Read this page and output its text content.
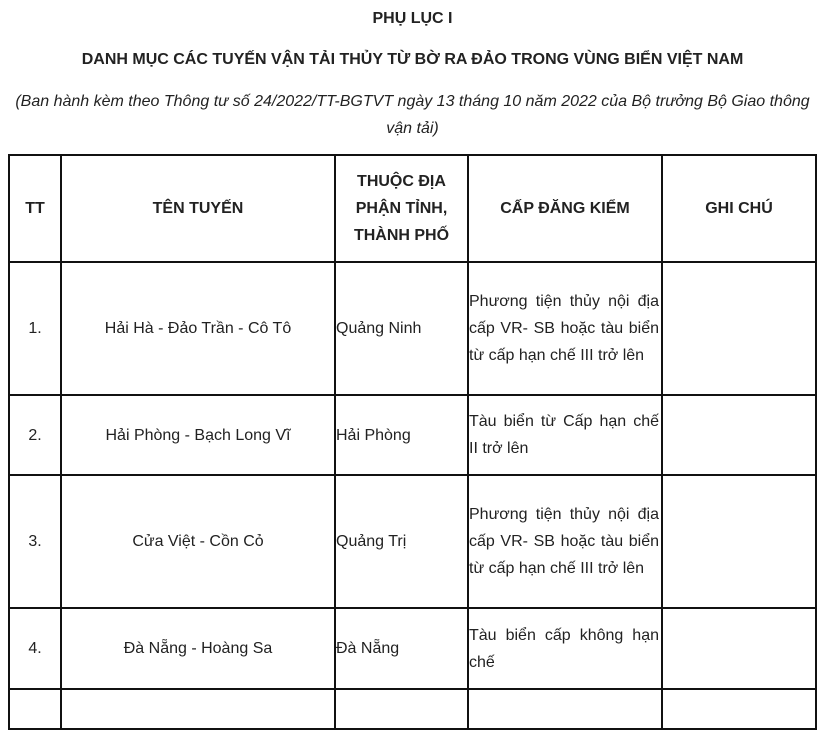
PHỤ LỤC I
DANH MỤC CÁC TUYẾN VẬN TẢI THỦY TỪ BỜ RA ĐẢO TRONG VÙNG BIỂN VIỆT NAM
(Ban hành kèm theo Thông tư số 24/2022/TT-BGTVT ngày 13 tháng 10 năm 2022 của Bộ trưởng Bộ Giao thông vận tải)
TT	TÊN TUYẾN	THUỘC ĐỊA PHẬN TỈNH, THÀNH PHỐ	CẤP ĐĂNG KIỂM	GHI CHÚ
1.	Hải Hà - Đảo Trần - Cô Tô	Quảng Ninh	Phương tiện thủy nội địa cấp VR- SB hoặc tàu biển từ cấp hạn chế III trở lên	
2.	Hải Phòng - Bạch Long Vĩ	Hải Phòng	Tàu biển từ Cấp hạn chế II trở lên	
3.	Cửa Việt - Cồn Cỏ	Quảng Trị	Phương tiện thủy nội địa cấp VR- SB hoặc tàu biển từ cấp hạn chế III trở lên	
4.	Đà Nẵng - Hoàng Sa	Đà Nẵng	Tàu biển cấp không hạn chế	
